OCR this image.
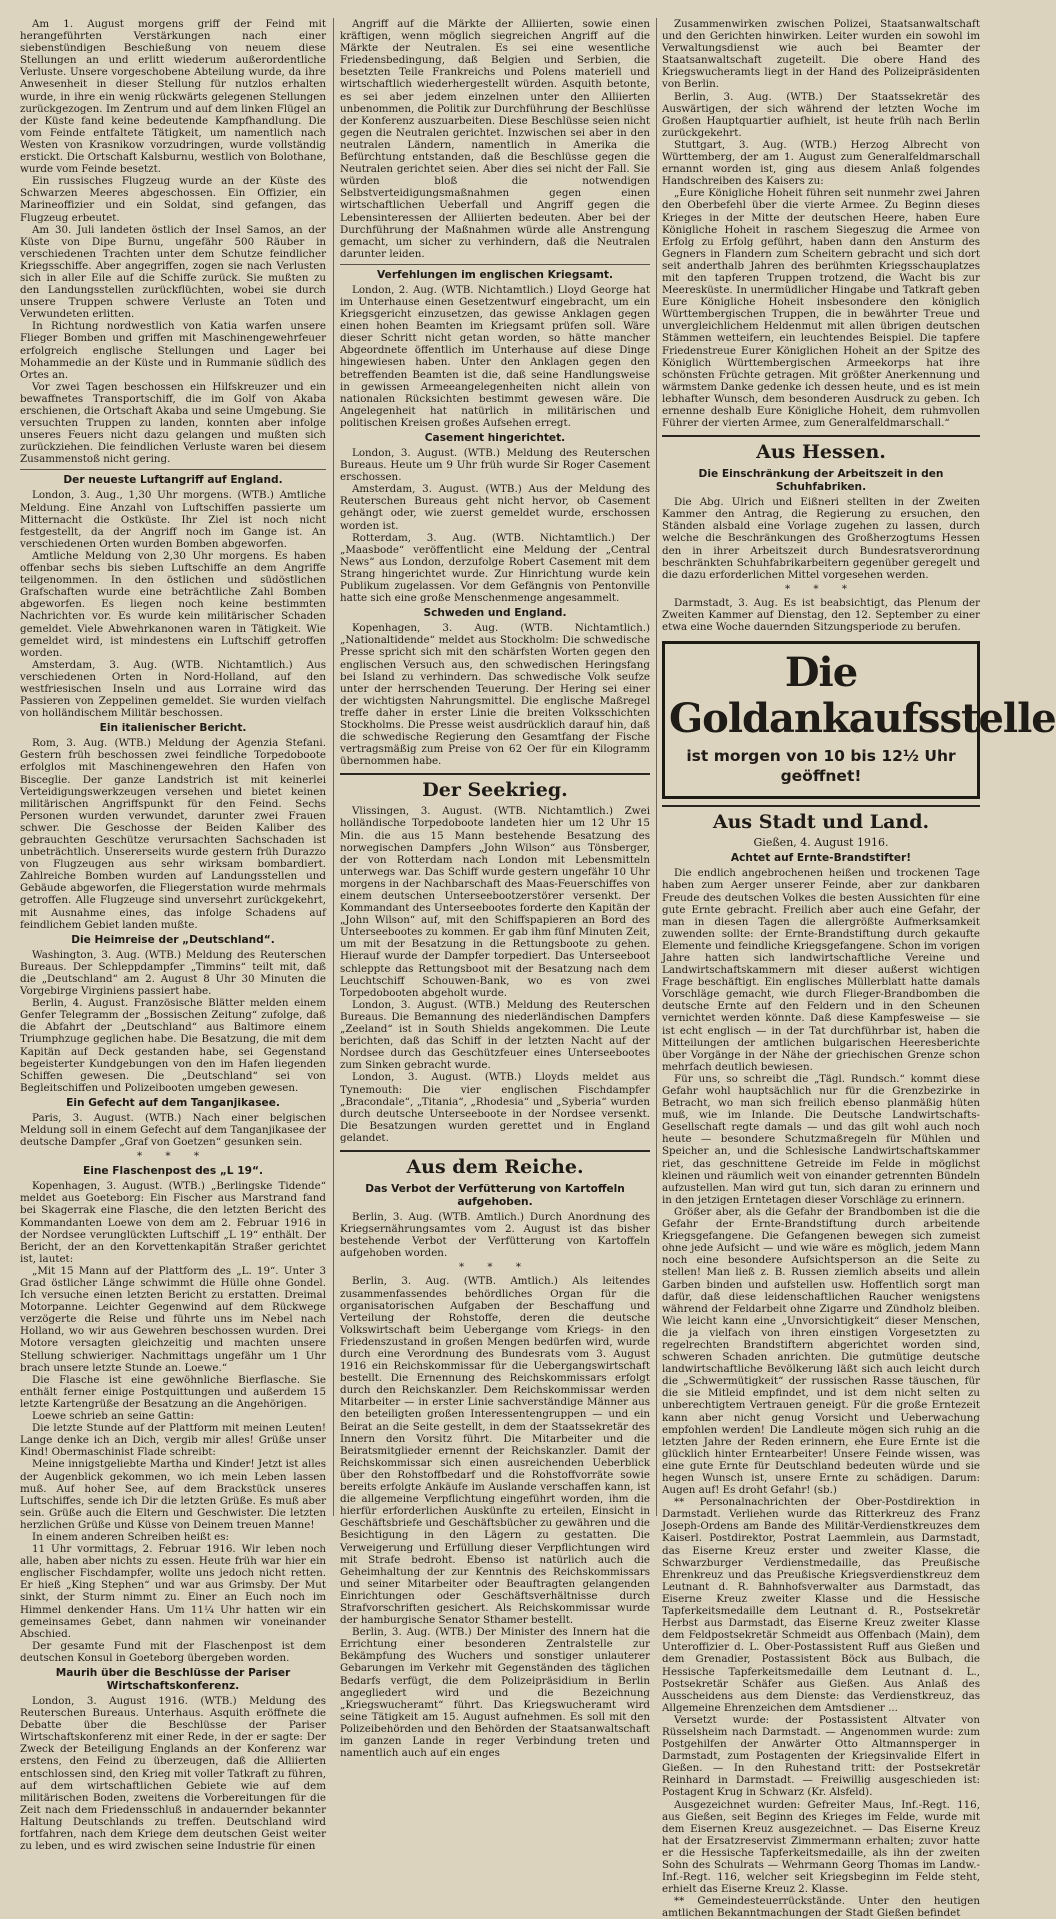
Am 1. August morgens griff der Feind mit herangeführten Verstärkungen nach einer siebenstündigen Beschießung von neuem diese Stellungen an und erlitt wiederum außerordentliche Verluste. Unsere vorgeschobene Abteilung wurde, da ihre Anwesenheit in dieser Stellung für nutzlos erhalten wurde, in ihre ein wenig rückwärts gelegenen Stellungen zurückgezogen. Im Zentrum und auf dem linken Flügel an der Küste fand keine bedeutende Kampfhandlung. Die vom Feinde entfaltete Tätigkeit, um namentlich nach Westen von Krasnikow vorzudringen, wurde vollständig erstickt. Die Ortschaft Kalsburnu, westlich von Bolothane, wurde vom Feinde besetzt.

Ein russisches Flugzeug wurde an der Küste des Schwarzen Meeres abgeschossen. Ein Offizier, ein Marineoffizier und ein Soldat, sind gefangen, das Flugzeug erbeutet.

Am 30. Juli landeten östlich der Insel Samos, an der Küste von Dipe Burnu, ungefähr 500 Räuber in verschiedenen Trachten unter dem Schutze feindlicher Kriegsschiffe. Aber angegriffen, zogen sie nach Verlusten sich in aller Eile auf die Schiffe zurück. Sie mußten zu den Landungsstellen zurückflüchten, wobei sie durch unsere Truppen schwere Verluste an Toten und Verwundeten erlitten.

In Richtung nordwestlich von Katia warfen unsere Flieger Bomben und griffen mit Maschinengewehrfeuer erfolgreich englische Stellungen und Lager bei Mohammedie an der Küste und in Rummanie südlich des Ortes an.

Vor zwei Tagen beschossen ein Hilfskreuzer und ein bewaffnetes Transportschiff, die im Golf von Akaba erschienen, die Ortschaft Akaba und seine Umgebung. Sie versuchten Truppen zu landen, konnten aber infolge unseres Feuers nicht dazu gelangen und mußten sich zurückziehen. Die feindlichen Verluste waren bei diesem Zusammenstoß nicht gering.

Der neueste Luftangriff auf England.

London, 3. Aug., 1,30 Uhr morgens. (WTB.) Amtliche Meldung. Eine Anzahl von Luftschiffen passierte um Mitternacht die Ostküste. Ihr Ziel ist noch nicht festgestellt, da der Angriff noch im Gange ist. An verschiedenen Orten wurden Bomben abgeworfen.

Amtliche Meldung von 2,30 Uhr morgens. Es haben offenbar sechs bis sieben Luftschiffe an dem Angriffe teilgenommen. In den östlichen und südöstlichen Grafschaften wurde eine beträchtliche Zahl Bomben abgeworfen. Es liegen noch keine bestimmten Nachrichten vor. Es wurde kein militärischer Schaden gemeldet. Viele Abwehrkanonen waren in Tätigkeit. Wie gemeldet wird, ist mindestens ein Luftschiff getroffen worden.

Amsterdam, 3. Aug. (WTB. Nichtamtlich.) Aus verschiedenen Orten in Nord-Holland, auf den westfriesischen Inseln und aus Lorraine wird das Passieren von Zeppelinen gemeldet. Sie wurden vielfach von holländischem Militär beschossen.

Ein italienischer Bericht.

Rom, 3. Aug. (WTB.) Meldung der Agenzia Stefani. Gestern früh beschossen zwei feindliche Torpedoboote erfolglos mit Maschinengewehren den Hafen von Bisceglie. Der ganze Landstrich ist mit keinerlei Verteidigungswerkzeugen versehen und bietet keinen militärischen Angriffspunkt für den Feind. Sechs Personen wurden verwundet, darunter zwei Frauen schwer. Die Geschosse der Beiden Kaliber des gebrauchten Geschütze verursachten Sachschaden ist unbeträchtlich. Unsererseits wurde gestern früh Durazzo von Flugzeugen aus sehr wirksam bombardiert. Zahlreiche Bomben wurden auf Landungsstellen und Gebäude abgeworfen, die Fliegerstation wurde mehrmals getroffen. Alle Flugzeuge sind unversehrt zurückgekehrt, mit Ausnahme eines, das infolge Schadens auf feindlichem Gebiet landen mußte.

Die Heimreise der „Deutschland“.

Washington, 3. Aug. (WTB.) Meldung des Reuterschen Bureaus. Der Schleppdampfer „Timmins“ teilt mit, daß die „Deutschland“ am 2. August 8 Uhr 30 Minuten die Vorgebirge Virginiens passiert habe.

Berlin, 4. August. Französische Blätter melden einem Genfer Telegramm der „Bossischen Zeitung“ zufolge, daß die Abfahrt der „Deutschland“ aus Baltimore einem Triumphzuge geglichen habe. Die Besatzung, die mit dem Kapitän auf Deck gestanden habe, sei Gegenstand begeisterter Kundgebungen von den im Hafen liegenden Schiffen gewesen. Die „Deutschland“ sei von Begleitschiffen und Polizeibooten umgeben gewesen.

Ein Gefecht auf dem Tanganjikasee.

Paris, 3. August. (WTB.) Nach einer belgischen Meldung soll in einem Gefecht auf dem Tanganjikasee der deutsche Dampfer „Graf von Goetzen“ gesunken sein.

* * *
Eine Flaschenpost des „L 19“.

Kopenhagen, 3. August. (WTB.) „Berlingske Tidende“ meldet aus Goeteborg: Ein Fischer aus Marstrand fand bei Skagerrak eine Flasche, die den letzten Bericht des Kommandanten Loewe von dem am 2. Februar 1916 in der Nordsee verunglückten Luftschiff „L 19“ enthält. Der Bericht, der an den Korvettenkapitän Straßer gerichtet ist, lautet:

„Mit 15 Mann auf der Plattform des „L. 19“. Unter 3 Grad östlicher Länge schwimmt die Hülle ohne Gondel. Ich versuche einen letzten Bericht zu erstatten. Dreimal Motorpanne. Leichter Gegenwind auf dem Rückwege verzögerte die Reise und führte uns im Nebel nach Holland, wo wir aus Gewehren beschossen wurden. Drei Motore versagten gleichzeitig und machten unsere Stellung schwieriger. Nachmittags ungefähr um 1 Uhr brach unsere letzte Stunde an. Loewe.“

Die Flasche ist eine gewöhnliche Bierflasche. Sie enthält ferner einige Postquittungen und außerdem 15 letzte Kartengrüße der Besatzung an die Angehörigen.

Loewe schrieb an seine Gattin:

Die letzte Stunde auf der Plattform mit meinen Leuten! Lange denke ich an Dich, vergib mir alles! Grüße unser Kind! Obermaschinist Flade schreibt:

Meine innigstgeliebte Martha und Kinder! Jetzt ist alles der Augenblick gekommen, wo ich mein Leben lassen muß. Auf hoher See, auf dem Brackstück unseres Luftschiffes, sende ich Dir die letzten Grüße. Es muß aber sein. Grüße auch die Eltern und Geschwister. Die letzten herzlichen Grüße und Küsse von Deinem treuen Manne!

In einem anderen Schreiben heißt es:

11 Uhr vormittags, 2. Februar 1916. Wir leben noch alle, haben aber nichts zu essen. Heute früh war hier ein englischer Fischdampfer, wollte uns jedoch nicht retten. Er hieß „King Stephen“ und war aus Grimsby. Der Mut sinkt, der Sturm nimmt zu. Einer an Euch noch im Himmel denkender Hans. Um 11¼ Uhr hatten wir ein gemeinsames Gebet, dann nahmen wir voneinander Abschied.

Der gesamte Fund mit der Flaschenpost ist dem deutschen Konsul in Goeteborg übergeben worden.

Maurih über die Beschlüsse der Pariser Wirtschaftskonferenz.

London, 3. August 1916. (WTB.) Meldung des Reuterschen Bureaus. Unterhaus. Asquith eröffnete die Debatte über die Beschlüsse der Pariser Wirtschaftskonferenz mit einer Rede, in der er sagte: Der Zweck der Beteiligung Englands an der Konferenz war erstens, den Feind zu überzeugen, daß die Alliierten entschlossen sind, den Krieg mit voller Tatkraft zu führen, auf dem wirtschaftlichen Gebiete wie auf dem militärischen Boden, zweitens die Vorbereitungen für die Zeit nach dem Friedensschluß in andauernder bekannter Haltung Deutschlands zu treffen. Deutschland wird fortfahren, nach dem Kriege dem deutschen Geist weiter zu leben, und es wird zwischen seine Industrie für einen

Angriff auf die Märkte der Alliierten, sowie einen kräftigen, wenn möglich siegreichen Angriff auf die Märkte der Neutralen. Es sei eine wesentliche Friedensbedingung, daß Belgien und Serbien, die besetzten Teile Frankreichs und Polens materiell und wirtschaftlich wiederhergestellt würden. Asquith betonte, es sei aber jedem einzelnen unter den Alliierten unbenommen, die Politik zur Durchführung der Beschlüsse der Konferenz auszuarbeiten. Diese Beschlüsse seien nicht gegen die Neutralen gerichtet. Inzwischen sei aber in den neutralen Ländern, namentlich in Amerika die Befürchtung entstanden, daß die Beschlüsse gegen die Neutralen gerichtet seien. Aber dies sei nicht der Fall. Sie würden bloß die notwendigen Selbstverteidigungsmaßnahmen gegen einen wirtschaftlichen Ueberfall und Angriff gegen die Lebensinteressen der Alliierten bedeuten. Aber bei der Durchführung der Maßnahmen würde alle Anstrengung gemacht, um sicher zu verhindern, daß die Neutralen darunter leiden.

Verfehlungen im englischen Kriegsamt.

London, 2. Aug. (WTB. Nichtamtlich.) Lloyd George hat im Unterhause einen Gesetzentwurf eingebracht, um ein Kriegsgericht einzusetzen, das gewisse Anklagen gegen einen hohen Beamten im Kriegsamt prüfen soll. Wäre dieser Schritt nicht getan worden, so hätte mancher Abgeordnete öffentlich im Unterhause auf diese Dinge hingewiesen haben. Unter den Anklagen gegen den betreffenden Beamten ist die, daß seine Handlungsweise in gewissen Armeeangelegenheiten nicht allein von nationalen Rücksichten bestimmt gewesen wäre. Die Angelegenheit hat natürlich in militärischen und politischen Kreisen großes Aufsehen erregt.

Casement hingerichtet.

London, 3. August. (WTB.) Meldung des Reuterschen Bureaus. Heute um 9 Uhr früh wurde Sir Roger Casement erschossen.

Amsterdam, 3. August. (WTB.) Aus der Meldung des Reuterschen Bureaus geht nicht hervor, ob Casement gehängt oder, wie zuerst gemeldet wurde, erschossen worden ist.

Rotterdam, 3. Aug. (WTB. Nichtamtlich.) Der „Maasbode“ veröffentlicht eine Meldung der „Central News“ aus London, derzufolge Robert Casement mit dem Strang hingerichtet wurde. Zur Hinrichtung wurde kein Publikum zugelassen. Vor dem Gefängnis von Pentonville hatte sich eine große Menschenmenge angesammelt.

Schweden und England.

Kopenhagen, 3. Aug. (WTB. Nichtamtlich.) „Nationaltidende“ meldet aus Stockholm: Die schwedische Presse spricht sich mit den schärfsten Worten gegen den englischen Versuch aus, den schwedischen Heringsfang bei Island zu verhindern. Das schwedische Volk seufze unter der herrschenden Teuerung. Der Hering sei einer der wichtigsten Nahrungsmittel. Die englische Maßregel treffe daher in erster Linie die breiten Volksschichten Stockholms. Die Presse weist ausdrücklich darauf hin, daß die schwedische Regierung den Gesamtfang der Fische vertragsmäßig zum Preise von 62 Oer für ein Kilogramm übernommen habe.

Der Seekrieg.

Vlissingen, 3. August. (WTB. Nichtamtlich.) Zwei holländische Torpedoboote landeten hier um 12 Uhr 15 Min. die aus 15 Mann bestehende Besatzung des norwegischen Dampfers „John Wilson“ aus Tönsberger, der von Rotterdam nach London mit Lebensmitteln unterwegs war. Das Schiff wurde gestern ungefähr 10 Uhr morgens in der Nachbarschaft des Maas-Feuerschiffes von einem deutschen Unterseebootzerstörer versenkt. Der Kommandant des Unterseebootes forderte den Kapitän der „John Wilson“ auf, mit den Schiffspapieren an Bord des Unterseebootes zu kommen. Er gab ihm fünf Minuten Zeit, um mit der Besatzung in die Rettungsboote zu gehen. Hierauf wurde der Dampfer torpediert. Das Unterseeboot schleppte das Rettungsboot mit der Besatzung nach dem Leuchtschiff Schouwen-Bank, wo es von zwei Torpedobooten abgeholt wurde.

London, 3. August. (WTB.) Meldung des Reuterschen Bureaus. Die Bemannung des niederländischen Dampfers „Zeeland“ ist in South Shields angekommen. Die Leute berichten, daß das Schiff in der letzten Nacht auf der Nordsee durch das Geschützfeuer eines Unterseebootes zum Sinken gebracht wurde.

London, 3. August. (WTB.) Lloyds meldet aus Tynemouth: Die vier englischen Fischdampfer „Bracondale“, „Titania“, „Rhodesia“ und „Syberia“ wurden durch deutsche Unterseeboote in der Nordsee versenkt. Die Besatzungen wurden gerettet und in England gelandet.

Aus dem Reiche.
Das Verbot der Verfütterung von Kartoffeln aufgehoben.

Berlin, 3. Aug. (WTB. Amtlich.) Durch Anordnung des Kriegsernährungsamtes vom 2. August ist das bisher bestehende Verbot der Verfütterung von Kartoffeln aufgehoben worden.

* * *

Berlin, 3. Aug. (WTB. Amtlich.) Als leitendes zusammenfassendes behördliches Organ für die organisatorischen Aufgaben der Beschaffung und Verteilung der Rohstoffe, deren die deutsche Volkswirtschaft beim Uebergange vom Kriegs- in den Friedenszustand in großen Mengen bedürfen wird, wurde durch eine Verordnung des Bundesrats vom 3. August 1916 ein Reichskommissar für die Uebergangswirtschaft bestellt. Die Ernennung des Reichskommissars erfolgt durch den Reichskanzler. Dem Reichskommissar werden Mitarbeiter — in erster Linie sachverständige Männer aus den beteiligten großen Interessentengruppen — und ein Beirat an die Seite gestellt, in dem der Staatssekretär des Innern den Vorsitz führt. Die Mitarbeiter und die Beiratsmitglieder ernennt der Reichskanzler. Damit der Reichskommissar sich einen ausreichenden Ueberblick über den Rohstoffbedarf und die Rohstoffvorräte sowie bereits erfolgte Ankäufe im Auslande verschaffen kann, ist die allgemeine Verpflichtung eingeführt worden, ihm die hierfür erforderlichen Auskünfte zu erteilen, Einsicht in Geschäftsbriefe und Geschäftsbücher zu gewähren und die Besichtigung in den Lägern zu gestatten. Die Verweigerung und Erfüllung dieser Verpflichtungen wird mit Strafe bedroht. Ebenso ist natürlich auch die Geheimhaltung der zur Kenntnis des Reichskommissars und seiner Mitarbeiter oder Beauftragten gelangenden Einrichtungen oder Geschäftsverhältnisse durch Strafvorschriften gesichert. Als Reichskommissar wurde der hamburgische Senator Sthamer bestellt.

Berlin, 3. Aug. (WTB.) Der Minister des Innern hat die Errichtung einer besonderen Zentralstelle zur Bekämpfung des Wuchers und sonstiger unlauterer Gebarungen im Verkehr mit Gegenständen des täglichen Bedarfs verfügt, die dem Polizeipräsidium in Berlin angegliedert wird und die Bezeichnung „Kriegswucheramt“ führt. Das Kriegswucheramt wird seine Tätigkeit am 15. August aufnehmen. Es soll mit den Polizeibehörden und den Behörden der Staatsanwaltschaft im ganzen Lande in reger Verbindung treten und namentlich auch auf ein enges

Zusammenwirken zwischen Polizei, Staatsanwaltschaft und den Gerichten hinwirken. Leiter wurden ein sowohl im Verwaltungsdienst wie auch bei Beamter der Staatsanwaltschaft zugeteilt. Die obere Hand des Kriegswucheramts liegt in der Hand des Polizeipräsidenten von Berlin.

Berlin, 3. Aug. (WTB.) Der Staatssekretär des Auswärtigen, der sich während der letzten Woche im Großen Hauptquartier aufhielt, ist heute früh nach Berlin zurückgekehrt.

Stuttgart, 3. Aug. (WTB.) Herzog Albrecht von Württemberg, der am 1. August zum Generalfeldmarschall ernannt worden ist, ging aus diesem Anlaß folgendes Handschreiben des Kaisers zu:

„Eure Königliche Hoheit führen seit nunmehr zwei Jahren den Oberbefehl über die vierte Armee. Zu Beginn dieses Krieges in der Mitte der deutschen Heere, haben Eure Königliche Hoheit in raschem Siegeszug die Armee von Erfolg zu Erfolg geführt, haben dann den Ansturm des Gegners in Flandern zum Scheitern gebracht und sich dort seit anderthalb Jahren des berühmten Kriegsschauplatzes mit den tapferen Truppen trotzend, die Wacht bis zur Meeresküste. In unermüdlicher Hingabe und Tatkraft geben Eure Königliche Hoheit insbesondere den königlich Württembergischen Truppen, die in bewährter Treue und unvergleichlichem Heldenmut mit allen übrigen deutschen Stämmen wetteifern, ein leuchtendes Beispiel. Die tapfere Friedenstreue Eurer Königlichen Hoheit an der Spitze des Königlich Württembergischen Armeekorps hat ihre schönsten Früchte getragen. Mit größter Anerkennung und wärmstem Danke gedenke ich dessen heute, und es ist mein lebhafter Wunsch, dem besonderen Ausdruck zu geben. Ich ernenne deshalb Eure Königliche Hoheit, dem ruhmvollen Führer der vierten Armee, zum Generalfeldmarschall.“

Aus Hessen.
Die Einschränkung der Arbeitszeit in den Schuhfabriken.

Die Abg. Ulrich und Eißneri stellten in der Zweiten Kammer den Antrag, die Regierung zu ersuchen, den Ständen alsbald eine Vorlage zugehen zu lassen, durch welche die Beschränkungen des Großherzogtums Hessen den in ihrer Arbeitszeit durch Bundesratsverordnung beschränkten Schuhfabrikarbeitern gegenüber geregelt und die dazu erforderlichen Mittel vorgesehen werden.

* * *

Darmstadt, 3. Aug. Es ist beabsichtigt, das Plenum der Zweiten Kammer auf Dienstag, den 12. September zu einer etwa eine Woche dauernden Sitzungsperiode zu berufen.

Die Goldankaufsstelle
ist morgen von 10 bis 12½ Uhr geöffnet!
Aus Stadt und Land.
Gießen, 4. August 1916.
Achtet auf Ernte-Brandstifter!

Die endlich angebrochenen heißen und trockenen Tage haben zum Aerger unserer Feinde, aber zur dankbaren Freude des deutschen Volkes die besten Aussichten für eine gute Ernte gebracht. Freilich aber auch eine Gefahr, der man in diesen Tagen die allergrößte Aufmerksamkeit zuwenden sollte: der Ernte-Brandstiftung durch gekaufte Elemente und feindliche Kriegsgefangene. Schon im vorigen Jahre hatten sich landwirtschaftliche Vereine und Landwirtschaftskammern mit dieser außerst wichtigen Frage beschäftigt. Ein englisches Müllerblatt hatte damals Vorschläge gemacht, wie durch Flieger-Brandbomben die deutsche Ernte auf den Feldern und in den Scheunen vernichtet werden könnte. Daß diese Kampfesweise — sie ist echt englisch — in der Tat durchführbar ist, haben die Mitteilungen der amtlichen bulgarischen Heeresberichte über Vorgänge in der Nähe der griechischen Grenze schon mehrfach deutlich bewiesen.

Für uns, so schreibt die „Tägl. Rundsch.“ kommt diese Gefahr wohl hauptsächlich nur für die Grenzbezirke in Betracht, wo man sich freilich ebenso planmäßig hüten muß, wie im Inlande. Die Deutsche Landwirtschafts-Gesellschaft regte damals — und das gilt wohl auch noch heute — besondere Schutzmaßregeln für Mühlen und Speicher an, und die Schlesische Landwirtschaftskammer riet, das geschnittene Getreide im Felde in möglichst kleinen und räumlich weit von einander getrennten Bündeln aufzustellen. Man wird gut tun, sich daran zu erinnern und in den jetzigen Erntetagen dieser Vorschläge zu erinnern.

Größer aber, als die Gefahr der Brandbomben ist die die Gefahr der Ernte-Brandstiftung durch arbeitende Kriegsgefangene. Die Gefangenen bewegen sich zumeist ohne jede Aufsicht — und wie wäre es möglich, jedem Mann noch eine besondere Aufsichtsperson an die Seite zu stellen! Man ließ z. B. Russen ziemlich abseits und allein Garben binden und aufstellen usw. Hoffentlich sorgt man dafür, daß diese leidenschaftlichen Raucher wenigstens während der Feldarbeit ohne Zigarre und Zündholz bleiben. Wie leicht kann eine „Unvorsichtigkeit“ dieser Menschen, die ja vielfach von ihren einstigen Vorgesetzten zu regelrechten Brandstiftern abgerichtet worden sind, schweren Schaden anrichten. Die gutmütige deutsche landwirtschaftliche Bevölkerung läßt sich auch leicht durch die „Schwermütigkeit“ der russischen Rasse täuschen, für die sie Mitleid empfindet, und ist dem nicht selten zu unberechtigtem Vertrauen geneigt. Für die große Erntezeit kann aber nicht genug Vorsicht und Ueberwachung empfohlen werden! Die Landleute mögen sich ruhig an die letzten Jahre der Reden erinnern, ehe Eure Ernte ist die glücklich hinter Erntearbeiter! Unsere Feinde wissen, was eine gute Ernte für Deutschland bedeuten würde und sie hegen Wunsch ist, unsere Ernte zu schädigen. Darum: Augen auf! Es droht Gefahr! (sb.)

** Personalnachrichten der Ober-Postdirektion in Darmstadt. Verliehen wurde das Ritterkreuz des Franz Joseph-Ordens am Bande des Militär-Verdienstkreuzes dem Kaiserl. Postdirektor, Postrat Laemmlein, aus Darmstadt, das Eiserne Kreuz erster und zweiter Klasse, die Schwarzburger Verdienstmedaille, das Preußische Ehrenkreuz und das Preußische Kriegsverdienstkreuz dem Leutnant d. R. Bahnhofsverwalter aus Darmstadt, das Eiserne Kreuz zweiter Klasse und die Hessische Tapferkeitsmedaille dem Leutnant d. R., Postsekretär Herbst aus Darmstadt, das Eiserne Kreuz zweiter Klasse dem Feldpostsekretär Schmeidt aus Offenbach (Main), dem Unteroffizier d. L. Ober-Postassistent Ruff aus Gießen und dem Grenadier, Postassistent Böck aus Bulbach, die Hessische Tapferkeitsmedaille dem Leutnant d. L., Postsekretär Schäfer aus Gießen. Aus Anlaß des Ausscheidens aus dem Dienste: das Verdienstkreuz, das Allgemeine Ehrenzeichen dem Amtsdiener ...

Versetzt wurde: der Postassistent Altvater von Rüsselsheim nach Darmstadt. — Angenommen wurde: zum Postgehilfen der Anwärter Otto Altmannsperger in Darmstadt, zum Postagenten der Kriegsinvalide Elfert in Gießen. — In den Ruhestand tritt: der Postsekretär Reinhard in Darmstadt. — Freiwillig ausgeschieden ist: Postagent Krug in Schwarz (Kr. Alsfeld).

Ausgezeichnet wurden: Gefreiter Maus, Inf.-Regt. 116, aus Gießen, seit Beginn des Krieges im Felde, wurde mit dem Eisernen Kreuz ausgezeichnet. — Das Eiserne Kreuz hat der Ersatzreservist Zimmermann erhalten; zuvor hatte er die Hessische Tapferkeitsmedaille, als ihn der zweiten Sohn des Schulrats — Wehrmann Georg Thomas im Landw.-Inf.-Regt. 116, welcher seit Kriegsbeginn im Felde steht, erhielt das Eiserne Kreuz 2. Klasse.

** Gemeindesteuerrückstände. Unter den heutigen amtlichen Bekanntmachungen der Stadt Gießen befindet
